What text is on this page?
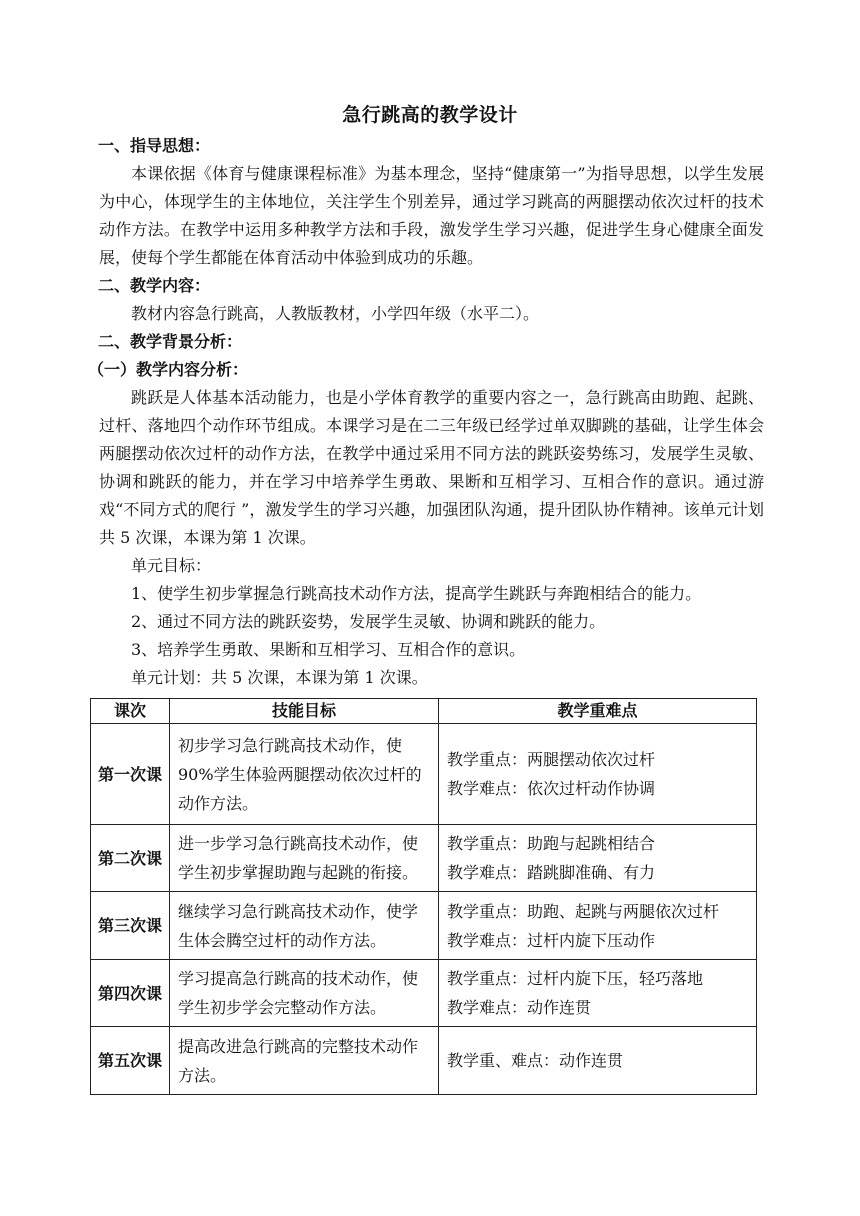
急行跳高的教学设计
一、指导思想：
本课依据《体育与健康课程标准》为基本理念，坚持“健康第一”为指导思想，以学生发展为中心，体现学生的主体地位，关注学生个别差异，通过学习跳高的两腿摆动依次过杆的技术动作方法。在教学中运用多种教学方法和手段，激发学生学习兴趣，促进学生身心健康全面发展，使每个学生都能在体育活动中体验到成功的乐趣。
二、教学内容：
教材内容急行跳高，人教版教材，小学四年级（水平二）。
二、教学背景分析：
（一）教学内容分析：
跳跃是人体基本活动能力，也是小学体育教学的重要内容之一，急行跳高由助跑、起跳、过杆、落地四个动作环节组成。本课学习是在二三年级已经学过单双脚跳的基础，让学生体会两腿摆动依次过杆的动作方法，在教学中通过采用不同方法的跳跃姿势练习，发展学生灵敏、协调和跳跃的能力，并在学习中培养学生勇敢、果断和互相学习、互相合作的意识。通过游戏“不同方式的爬行 ”，激发学生的学习兴趣，加强团队沟通，提升团队协作精神。该单元计划共 5 次课，本课为第 1 次课。
单元目标：
1、使学生初步掌握急行跳高技术动作方法，提高学生跳跃与奔跑相结合的能力。
2、通过不同方法的跳跃姿势，发展学生灵敏、协调和跳跃的能力。
3、培养学生勇敢、果断和互相学习、互相合作的意识。
单元计划：共 5 次课，本课为第 1 次课。
课次	技能目标	教学重难点
第一次课	初步学习急行跳高技术动作，使90%学生体验两腿摆动依次过杆的动作方法。	教学重点：两腿摆动依次过杆
教学难点：依次过杆动作协调

第二次课	进一步学习急行跳高技术动作，使学生初步掌握助跑与起跳的衔接。	教学重点：助跑与起跳相结合
教学难点：踏跳脚准确、有力

第三次课	继续学习急行跳高技术动作，使学生体会腾空过杆的动作方法。	教学重点：助跑、起跳与两腿依次过杆
教学难点：过杆内旋下压动作

第四次课	学习提高急行跳高的技术动作，使学生初步学会完整动作方法。	教学重点：过杆内旋下压，轻巧落地
教学难点：动作连贯

第五次课	提高改进急行跳高的完整技术动作方法。	教学重、难点：动作连贯
